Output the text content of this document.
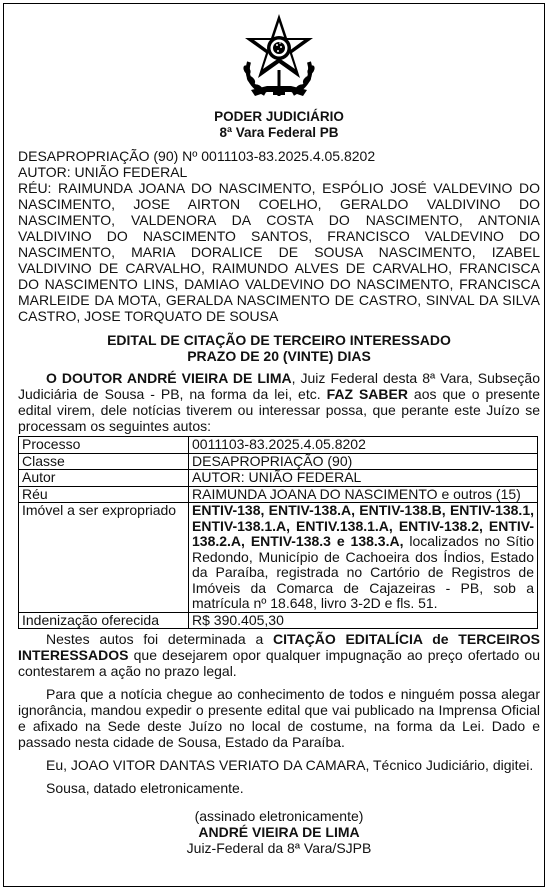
PODER JUDICIÁRIO
8ª Vara Federal PB
DESAPROPRIAÇÃO (90) Nº 0011103-83.2025.4.05.8202
AUTOR: UNIÃO FEDERAL
RÉU: RAIMUNDA JOANA DO NASCIMENTO, ESPÓLIO JOSÉ VALDEVINO DO NASCIMENTO, JOSE AIRTON COELHO, GERALDO VALDIVINO DO NASCIMENTO, VALDENORA DA COSTA DO NASCIMENTO, ANTONIA VALDIVINO DO NASCIMENTO SANTOS, FRANCISCO VALDEVINO DO NASCIMENTO, MARIA DORALICE DE SOUSA NASCIMENTO, IZABEL VALDIVINO DE CARVALHO, RAIMUNDO ALVES DE CARVALHO, FRANCISCA DO NASCIMENTO LINS, DAMIAO VALDEVINO DO NASCIMENTO, FRANCISCA MARLEIDE DA MOTA, GERALDA NASCIMENTO DE CASTRO, SINVAL DA SILVA CASTRO, JOSE TORQUATO DE SOUSA
EDITAL DE CITAÇÃO DE TERCEIRO INTERESSADO
PRAZO DE 20 (VINTE) DIAS

O DOUTOR ANDRÉ VIEIRA DE LIMA, Juiz Federal desta 8ª Vara, Subseção Judiciária de Sousa - PB, na forma da lei, etc. FAZ SABER aos que o presente edital virem, dele notícias tiverem ou interessar possa, que perante este Juízo se processam os seguintes autos:

Processo	0011103-83.2025.4.05.8202
Classe	DESAPROPRIAÇÃO (90)
Autor	AUTOR: UNIÃO FEDERAL
Réu	RAIMUNDA JOANA DO NASCIMENTO e outros (15)
Imóvel a ser expropriado	ENTIV-138, ENTIV-138.A, ENTIV-138.B, ENTIV-138.1, ENTIV-138.1.A, ENTIV.138.1.A, ENTIV-138.2, ENTIV-138.2.A, ENTIV-138.3 e 138.3.A, localizados no Sítio Redondo, Município de Cachoeira dos Índios, Estado da Paraíba, registrada no Cartório de Registros de Imóveis da Comarca de Cajazeiras - PB, sob a matrícula nº 18.648, livro 3-2D e fls. 51.
Indenização oferecida	R$ 390.405,30

Nestes autos foi determinada a CITAÇÃO EDITALÍCIA de TERCEIROS INTERESSADOS que desejarem opor qualquer impugnação ao preço ofertado ou contestarem a ação no prazo legal.

Para que a notícia chegue ao conhecimento de todos e ninguém possa alegar ignorância, mandou expedir o presente edital que vai publicado na Imprensa Oficial e afixado na Sede deste Juízo no local de costume, na forma da Lei. Dado e passado nesta cidade de Sousa, Estado da Paraíba.

Eu, JOAO VITOR DANTAS VERIATO DA CAMARA, Técnico Judiciário, digitei.

Sousa, datado eletronicamente.

(assinado eletronicamente)
ANDRÉ VIEIRA DE LIMA
Juiz-Federal da 8ª Vara/SJPB
